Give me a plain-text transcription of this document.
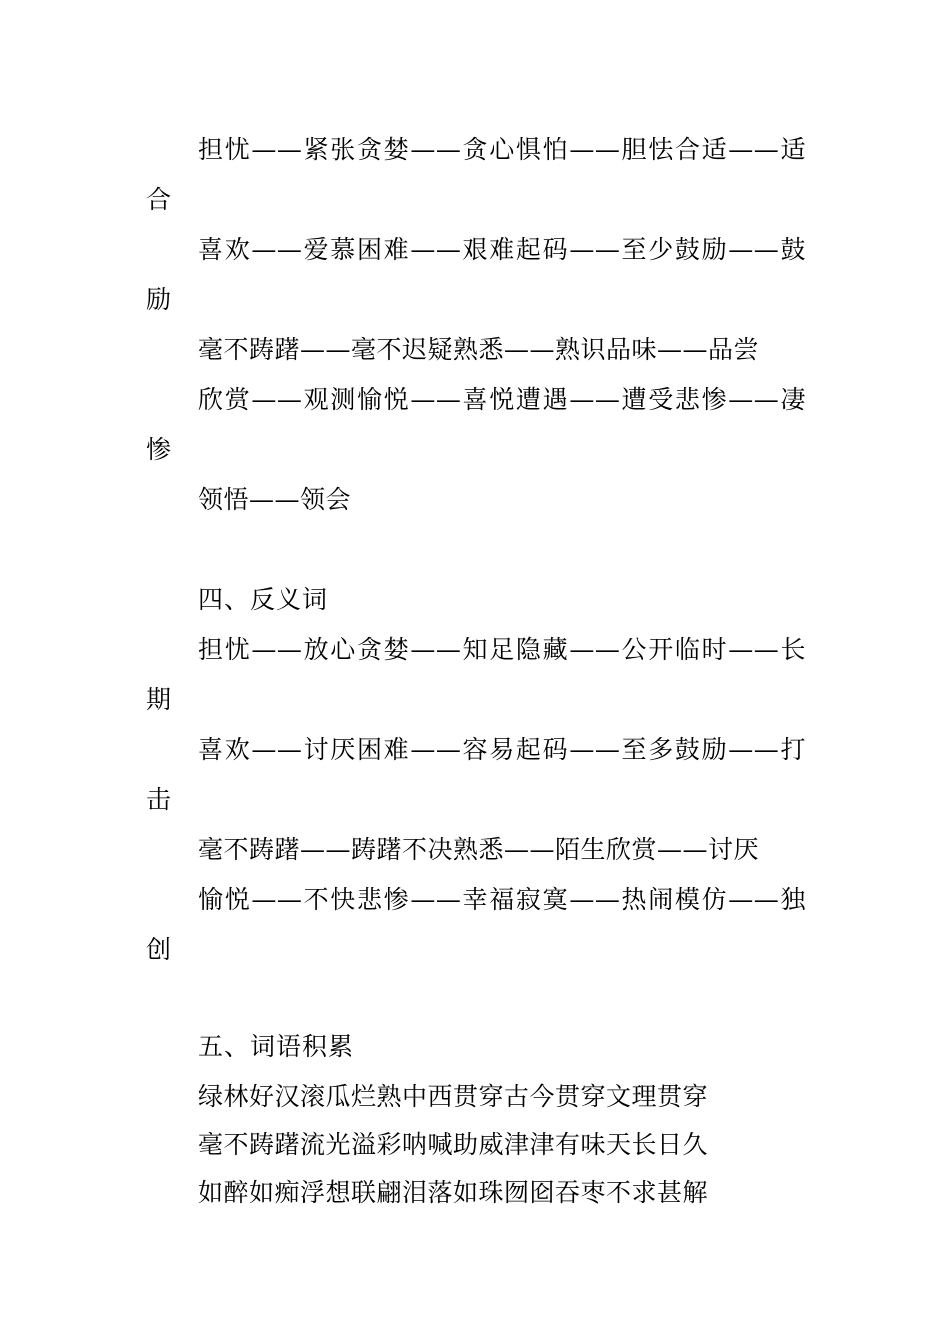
担忧——紧张贪婪——贪心惧怕——胆怯合适——适合
喜欢——爱慕困难——艰难起码——至少鼓励——鼓励
毫不踌躇——毫不迟疑熟悉——熟识品味——品尝
欣赏——观测愉悦——喜悦遭遇——遭受悲惨——凄惨
领悟——领会
四、反义词
担忧——放心贪婪——知足隐藏——公开临时——长期
喜欢——讨厌困难——容易起码——至多鼓励——打击
毫不踌躇——踌躇不决熟悉——陌生欣赏——讨厌
愉悦——不快悲惨——幸福寂寞——热闹模仿——独创
五、词语积累
绿林好汉滚瓜烂熟中西贯穿古今贯穿文理贯穿
毫不踌躇流光溢彩呐喊助威津津有味天长日久
如醉如痴浮想联翩泪落如珠囫囵吞枣不求甚解
